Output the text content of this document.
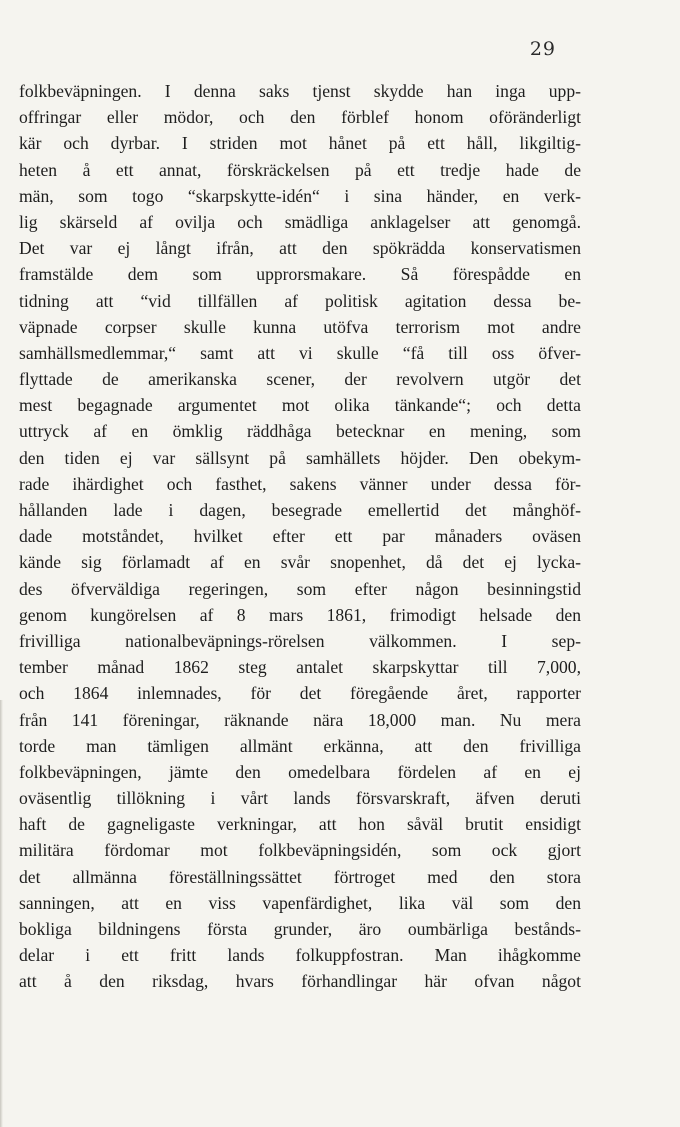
29
folkbeväpningen. I denna saks tjenst skydde han inga upp-
offringar eller mödor, och den förblef honom oföränderligt
kär och dyrbar. I striden mot hånet på ett håll, likgiltig-
heten å ett annat, förskräckelsen på ett tredje hade de
män, som togo “skarpskytte-idén“ i sina händer, en verk-
lig skärseld af ovilja och smädliga anklagelser att genomgå.
Det var ej långt ifrån, att den spökrädda konservatismen
framstälde dem som upprorsmakare. Så förespådde en
tidning att “vid tillfällen af politisk agitation dessa be-
väpnade corpser skulle kunna utöfva terrorism mot andre
samhällsmedlemmar,“ samt att vi skulle “få till oss öfver-
flyttade de amerikanska scener, der revolvern utgör det
mest begagnade argumentet mot olika tänkande“; och detta
uttryck af en ömklig räddhåga betecknar en mening, som
den tiden ej var sällsynt på samhällets höjder. Den obekym-
rade ihärdighet och fasthet, sakens vänner under dessa för-
hållanden lade i dagen, besegrade emellertid det månghöf-
dade motståndet, hvilket efter ett par månaders oväsen
kände sig förlamadt af en svår snopenhet, då det ej lycka-
des öfverväldiga regeringen, som efter någon besinningstid
genom kungörelsen af 8 mars 1861, frimodigt helsade den
frivilliga nationalbeväpnings-rörelsen välkommen. I sep-
tember månad 1862 steg antalet skarpskyttar till 7,000,
och 1864 inlemnades, för det föregående året, rapporter
från 141 föreningar, räknande nära 18,000 man. Nu mera
torde man tämligen allmänt erkänna, att den frivilliga
folkbeväpningen, jämte den omedelbara fördelen af en ej
oväsentlig tillökning i vårt lands försvarskraft, äfven deruti
haft de gagneligaste verkningar, att hon såväl brutit ensidigt
militära fördomar mot folkbeväpningsidén, som ock gjort
det allmänna föreställningssättet förtroget med den stora
sanningen, att en viss vapenfärdighet, lika väl som den
bokliga bildningens första grunder, äro oumbärliga bestånds-
delar i ett fritt lands folkuppfostran. Man ihågkomme
att å den riksdag, hvars förhandlingar här ofvan något
